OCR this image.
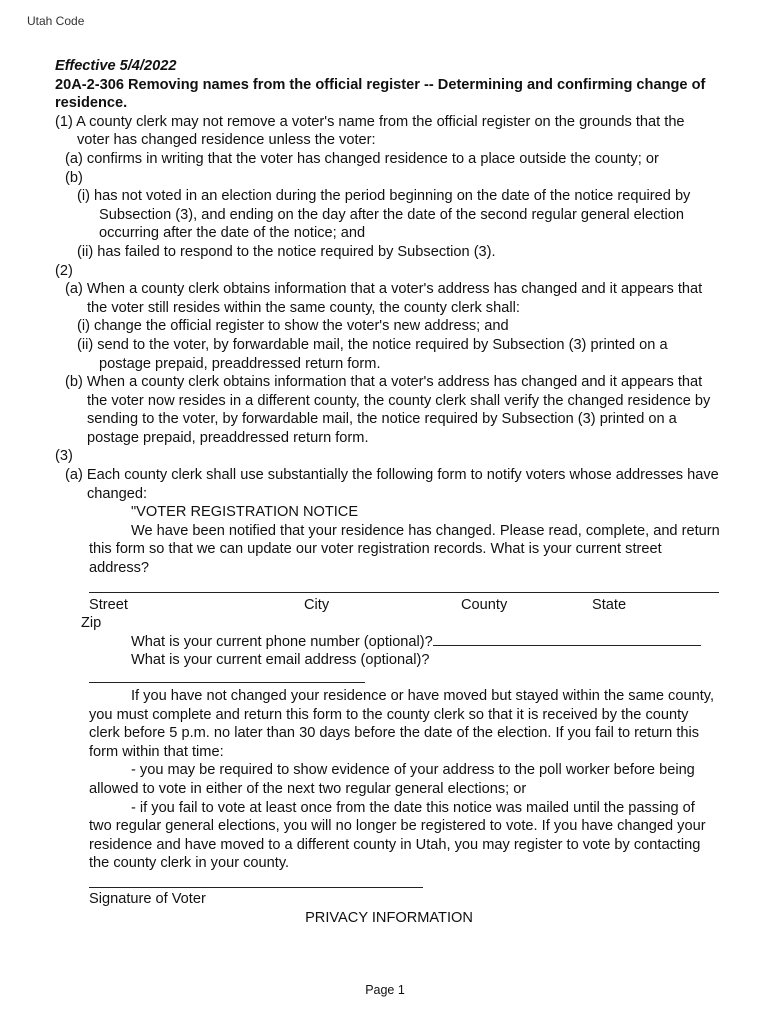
Utah Code
Effective 5/4/2022
20A-2-306 Removing names from the official register -- Determining and confirming change of residence.
(1) A county clerk may not remove a voter's name from the official register on the grounds that the voter has changed residence unless the voter:
(a) confirms in writing that the voter has changed residence to a place outside the county; or
(b)
(i) has not voted in an election during the period beginning on the date of the notice required by Subsection (3), and ending on the day after the date of the second regular general election occurring after the date of the notice; and
(ii) has failed to respond to the notice required by Subsection (3).
(2)
(a) When a county clerk obtains information that a voter's address has changed and it appears that the voter still resides within the same county, the county clerk shall:
(i) change the official register to show the voter's new address; and
(ii) send to the voter, by forwardable mail, the notice required by Subsection (3) printed on a postage prepaid, preaddressed return form.
(b) When a county clerk obtains information that a voter's address has changed and it appears that the voter now resides in a different county, the county clerk shall verify the changed residence by sending to the voter, by forwardable mail, the notice required by Subsection (3) printed on a postage prepaid, preaddressed return form.
(3)
(a) Each county clerk shall use substantially the following form to notify voters whose addresses have changed:
"VOTER REGISTRATION NOTICE
We have been notified that your residence has changed. Please read, complete, and return this form so that we can update our voter registration records. What is your current street address?
Street	City	County	State
Zip
What is your current phone number (optional)?
What is your current email address (optional)?
If you have not changed your residence or have moved but stayed within the same county, you must complete and return this form to the county clerk so that it is received by the county clerk before 5 p.m. no later than 30 days before the date of the election. If you fail to return this form within that time:
- you may be required to show evidence of your address to the poll worker before being allowed to vote in either of the next two regular general elections; or
- if you fail to vote at least once from the date this notice was mailed until the passing of two regular general elections, you will no longer be registered to vote. If you have changed your residence and have moved to a different county in Utah, you may register to vote by contacting the county clerk in your county.
Signature of Voter
PRIVACY INFORMATION
Page 1
